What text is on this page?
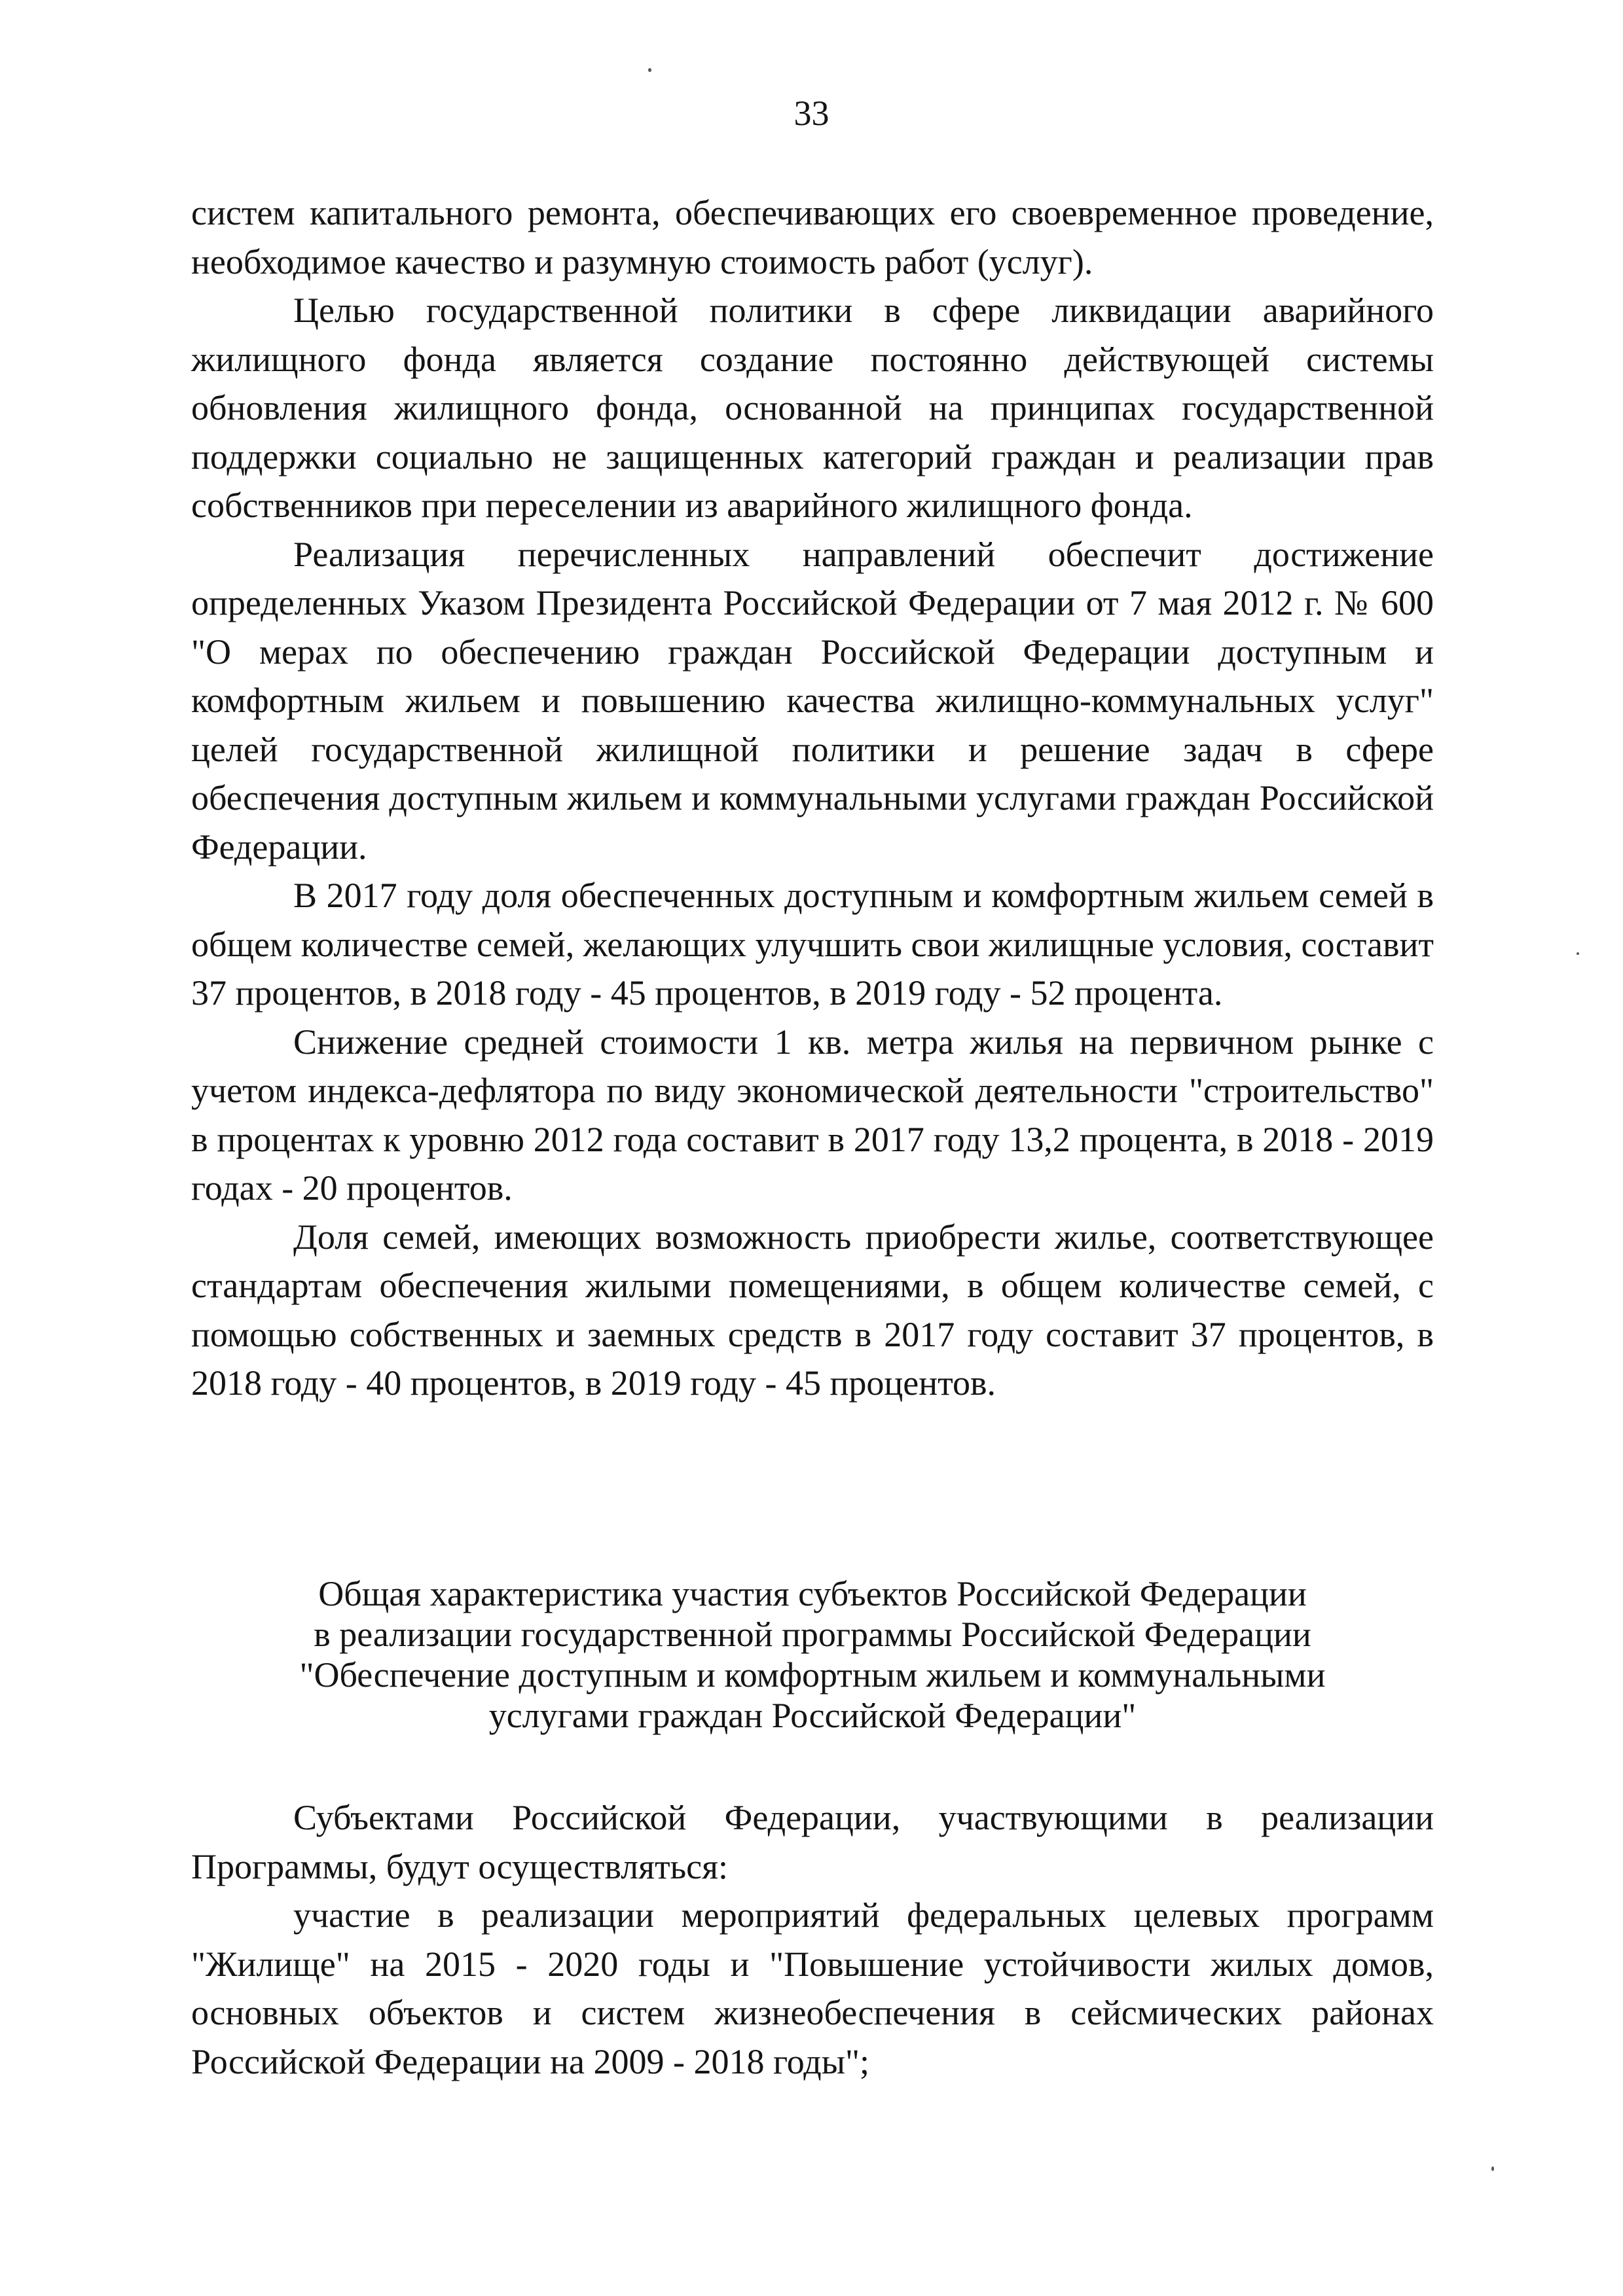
33

систем капитального ремонта, обеспечивающих его своевременное проведение, необходимое качество и разумную стоимость работ (услуг).

Целью государственной политики в сфере ликвидации аварийного жилищного фонда является создание постоянно действующей системы обновления жилищного фонда, основанной на принципах государственной поддержки социально не защищенных категорий граждан и реализации прав собственников при переселении из аварийного жилищного фонда.

Реализация перечисленных направлений обеспечит достижение определенных Указом Президента Российской Федерации от 7 мая 2012 г. № 600 "О мерах по обеспечению граждан Российской Федерации доступным и комфортным жильем и повышению качества жилищно-коммунальных услуг" целей государственной жилищной политики и решение задач в сфере обеспечения доступным жильем и коммунальными услугами граждан Российской Федерации.

В 2017 году доля обеспеченных доступным и комфортным жильем семей в общем количестве семей, желающих улучшить свои жилищные условия, составит 37 процентов, в 2018 году - 45 процентов, в 2019 году - 52 процента.

Снижение средней стоимости 1 кв. метра жилья на первичном рынке с учетом индекса-дефлятора по виду экономической деятельности "строительство" в процентах к уровню 2012 года составит в 2017 году 13,2 процента, в 2018 - 2019 годах - 20 процентов.

Доля семей, имеющих возможность приобрести жилье, соответствующее стандартам обеспечения жилыми помещениями, в общем количестве семей, с помощью собственных и заемных средств в 2017 году составит 37 процентов, в 2018 году - 40 процентов, в 2019 году - 45 процентов.

Общая характеристика участия субъектов Российской Федерации
в реализации государственной программы Российской Федерации
"Обеспечение доступным и комфортным жильем и коммунальными
услугами граждан Российской Федерации"

Субъектами Российской Федерации, участвующими в реализации Программы, будут осуществляться:

участие в реализации мероприятий федеральных целевых программ "Жилище" на 2015 - 2020 годы и "Повышение устойчивости жилых домов, основных объектов и систем жизнеобеспечения в сейсмических районах Российской Федерации на 2009 - 2018 годы";
